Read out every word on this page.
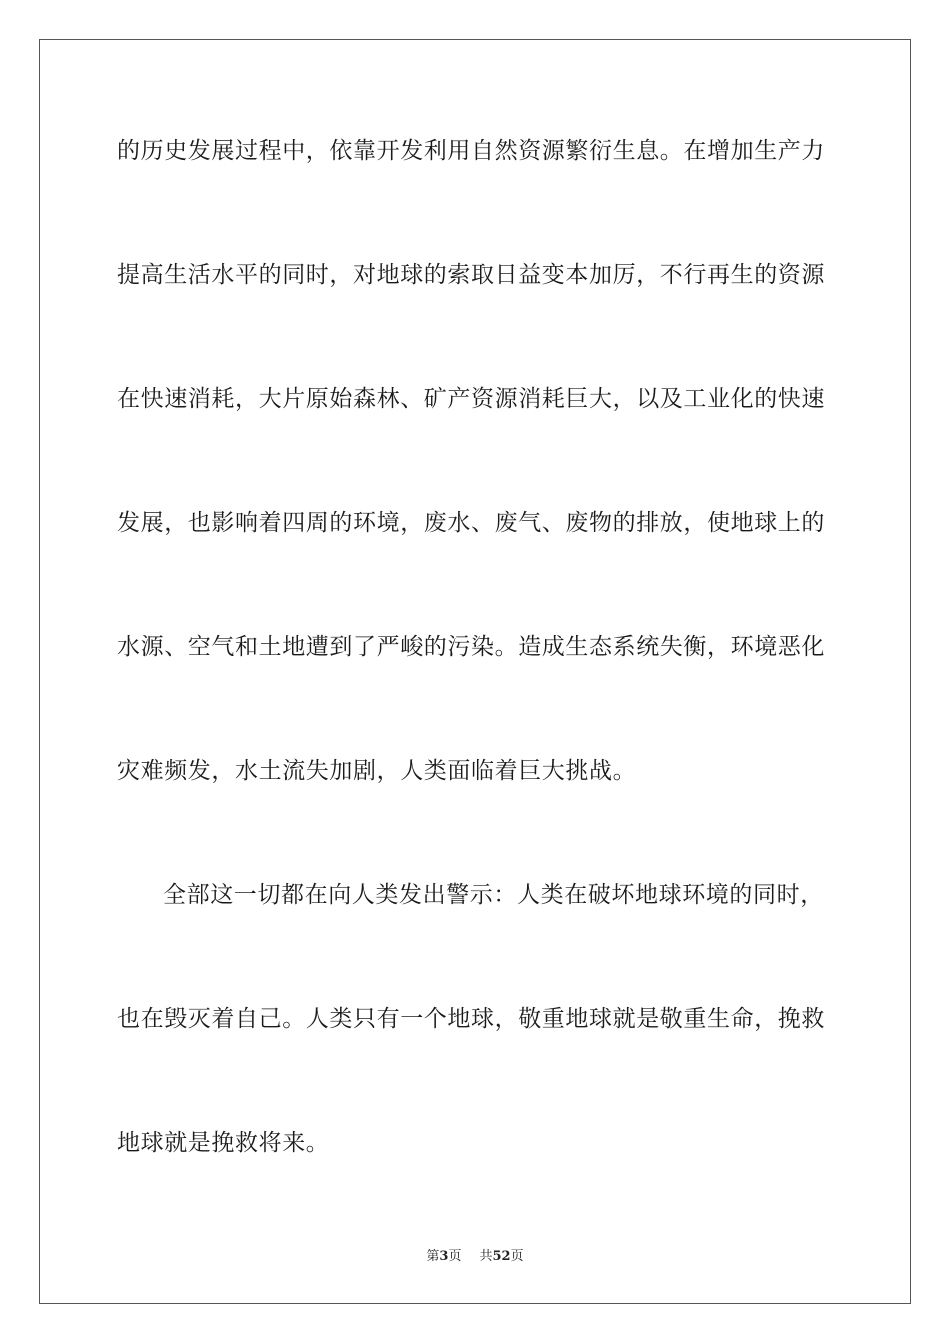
的历史发展过程中，依靠开发利用自然资源繁衍生息。在增加生产力
提高生活水平的同时，对地球的索取日益变本加厉，不行再生的资源
在快速消耗，大片原始森林、矿产资源消耗巨大，以及工业化的快速
发展，也影响着四周的环境，废水、废气、废物的排放，使地球上的
水源、空气和土地遭到了严峻的污染。造成生态系统失衡，环境恶化
灾难频发，水土流失加剧，人类面临着巨大挑战。
全部这一切都在向人类发出警示：人类在破坏地球环境的同时，
也在毁灭着自己。人类只有一个地球，敬重地球就是敬重生命，挽救
地球就是挽救将来。
第3页 共52页
